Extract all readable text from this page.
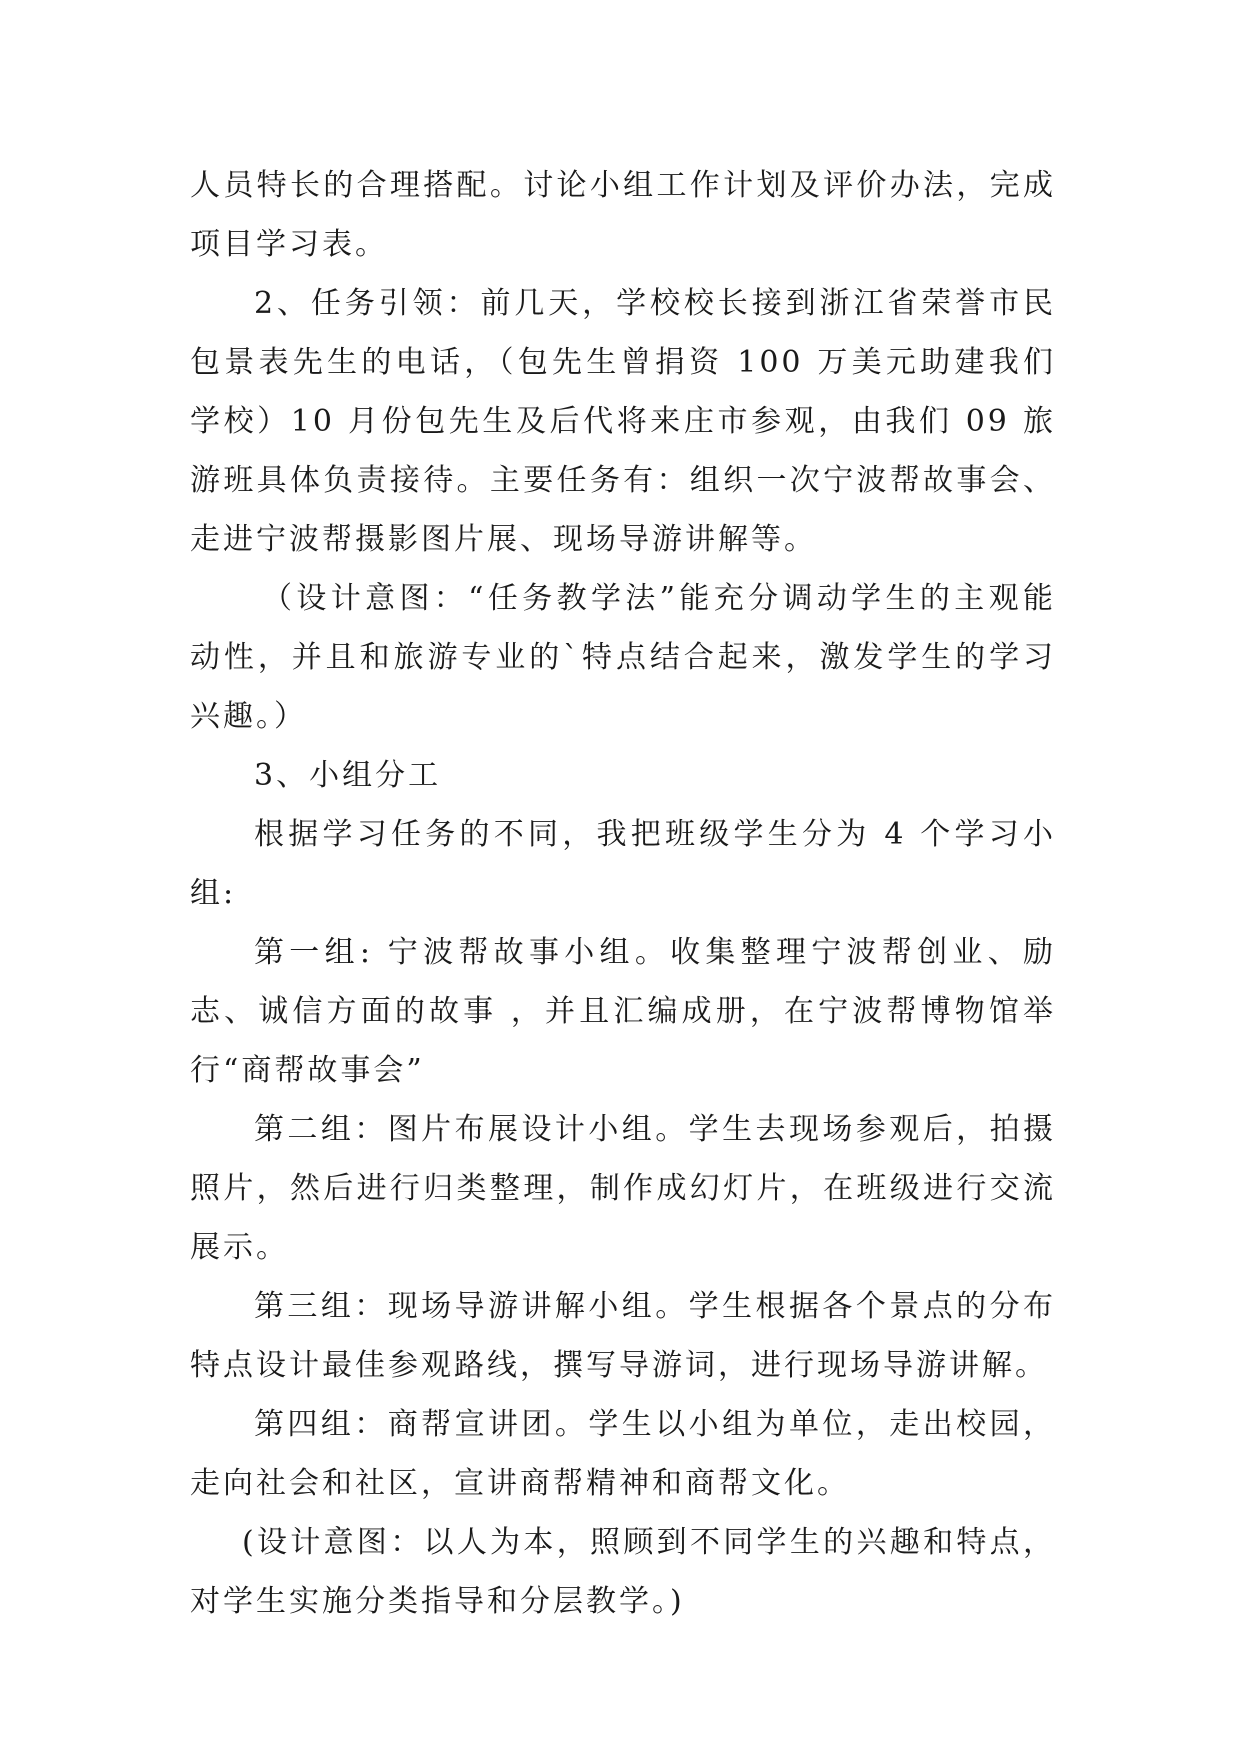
人员特长的合理搭配。讨论小组工作计划及评价办法，完成项目学习表。

2、任务引领：前几天，学校校长接到浙江省荣誉市民包景表先生的电话，（包先生曾捐资 100 万美元助建我们学校）10 月份包先生及后代将来庄市参观，由我们 09 旅游班具体负责接待。主要任务有：组织一次宁波帮故事会、走进宁波帮摄影图片展、现场导游讲解等。

（设计意图：“任务教学法”能充分调动学生的主观能动性，并且和旅游专业的`特点结合起来，激发学生的学习兴趣。）

3、小组分工

根据学习任务的不同，我把班级学生分为 4 个学习小组:

第一组: 宁波帮故事小组。收集整理宁波帮创业、励志、诚信方面的故事 ，并且汇编成册，在宁波帮博物馆举行“商帮故事会”

第二组：图片布展设计小组。学生去现场参观后，拍摄照片，然后进行归类整理，制作成幻灯片，在班级进行交流展示。

第三组：现场导游讲解小组。学生根据各个景点的分布特点设计最佳参观路线，撰写导游词，进行现场导游讲解。

第四组：商帮宣讲团。学生以小组为单位，走出校园，走向社会和社区，宣讲商帮精神和商帮文化。

(设计意图：以人为本，照顾到不同学生的兴趣和特点，对学生实施分类指导和分层教学。)
